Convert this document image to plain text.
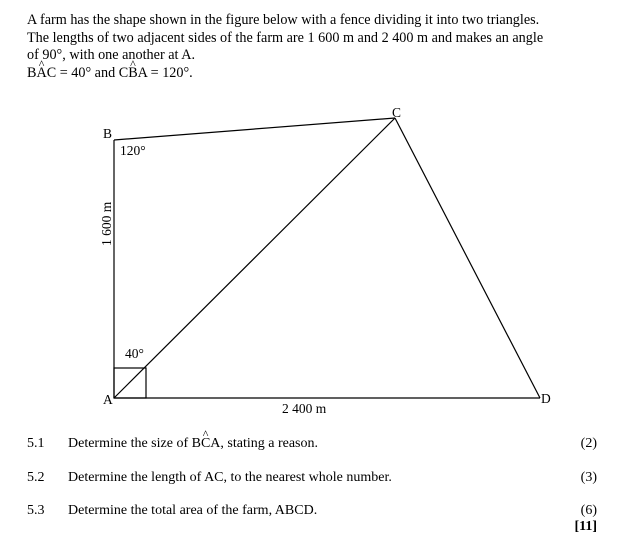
A farm has the shape shown in the figure below with a fence dividing it into two triangles.
The lengths of two adjacent sides of the farm are 1 600 m and 2 400 m and makes an angle
of 90°, with one another at A.
B^ AC = 40° and C^ BA = 120°.
B
C
A	D
120°
40°
2 400 m
1 600 m
5.1 Determine the size of B^ CA, stating a reason.	(2)
5.2 Determine the length of AC, to the nearest whole number.	(3)
5.3 Determine the total area of the farm, ABCD.	(6)
[11]
